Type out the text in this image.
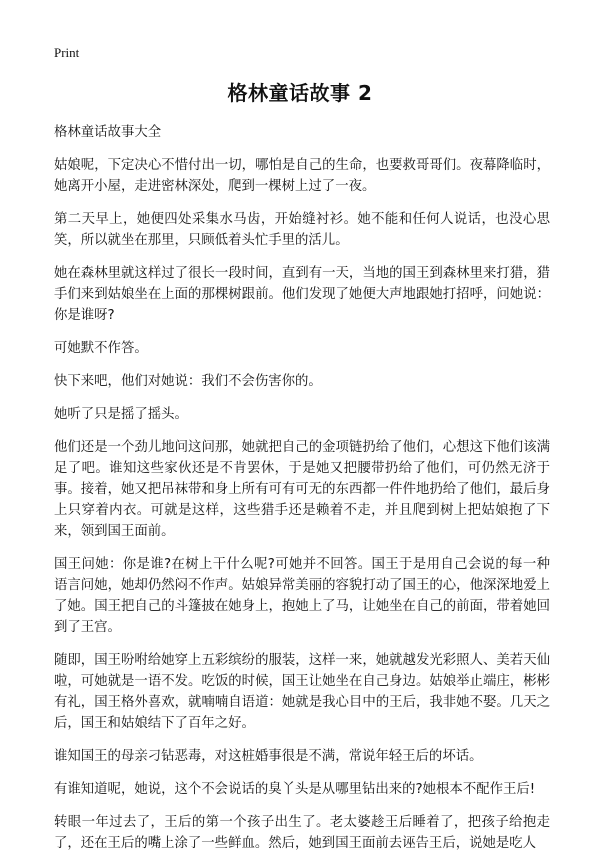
Print
格林童话故事 2

格林童话故事大全

姑娘呢，下定决心不惜付出一切，哪怕是自己的生命，也要救哥哥们。夜幕降临时，她离开小屋，走进密林深处，爬到一棵树上过了一夜。

第二天早上，她便四处采集水马齿，开始缝衬衫。她不能和任何人说话，也没心思笑，所以就坐在那里，只顾低着头忙手里的活儿。

她在森林里就这样过了很长一段时间，直到有一天，当地的国王到森林里来打猎，猎手们来到姑娘坐在上面的那棵树跟前。他们发现了她便大声地跟她打招呼，问她说：你是谁呀?

可她默不作答。

快下来吧，他们对她说：我们不会伤害你的。

她听了只是摇了摇头。

他们还是一个劲儿地问这问那，她就把自己的金项链扔给了他们，心想这下他们该满足了吧。谁知这些家伙还是不肯罢休，于是她又把腰带扔给了他们，可仍然无济于事。接着，她又把吊袜带和身上所有可有可无的东西都一件件地扔给了他们，最后身上只穿着内衣。可就是这样，这些猎手还是赖着不走，并且爬到树上把姑娘抱了下来，领到国王面前。

国王问她：你是谁?在树上干什么呢?可她并不回答。国王于是用自己会说的每一种语言问她，她却仍然闷不作声。姑娘异常美丽的容貌打动了国王的心，他深深地爱上了她。国王把自己的斗篷披在她身上，抱她上了马，让她坐在自己的前面，带着她回到了王宫。

随即，国王吩咐给她穿上五彩缤纷的服装，这样一来，她就越发光彩照人、美若天仙啦，可她就是一语不发。吃饭的时候，国王让她坐在自己身边。姑娘举止端庄，彬彬有礼，国王格外喜欢，就喃喃自语道：她就是我心目中的王后，我非她不娶。几天之后，国王和姑娘结下了百年之好。

谁知国王的母亲刁钻恶毒，对这桩婚事很是不满，常说年轻王后的坏话。

有谁知道呢，她说，这个不会说话的臭丫头是从哪里钻出来的?她根本不配作王后!

转眼一年过去了，王后的第一个孩子出生了。老太婆趁王后睡着了，把孩子给抱走了，还在王后的嘴上涂了一些鲜血。然后，她到国王面前去诬告王后，说她是吃人
